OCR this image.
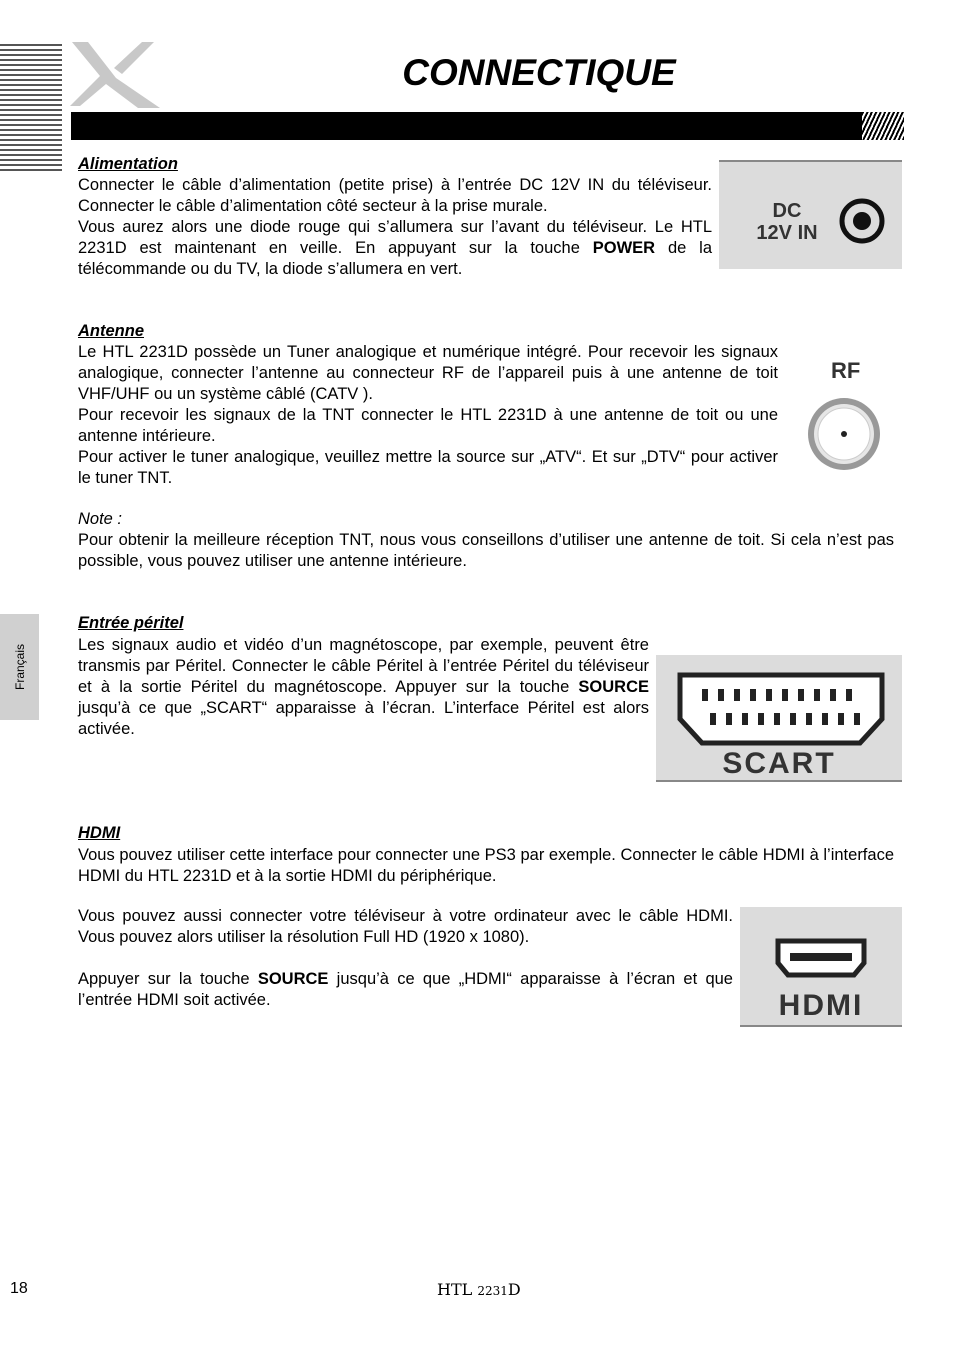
CONNECTIQUE
Français
Alimentation
Connecter le câble d’alimentation (petite prise) à l’entrée DC 12V IN du téléviseur. Connecter le câble d’alimentation côté secteur à la prise murale.
Vous aurez alors une diode rouge qui s’allumera sur l’avant du téléviseur. Le HTL 2231D est maintenant en veille. En appuyant sur la touche POWER de la télécommande ou du TV, la diode s’allumera en vert.
DC
12V IN
Antenne
Le HTL 2231D possède un Tuner analogique et numérique intégré. Pour recevoir les signaux analogique, connecter l’antenne au connecteur RF de l’appareil puis à une antenne de toit VHF/UHF ou un système câblé (CATV ).
Pour recevoir les signaux de la TNT connecter le HTL 2231D à une antenne de toit ou une antenne intérieure.
Pour activer le tuner analogique, veuillez mettre la source sur „ATV“. Et sur „DTV“ pour activer le tuner TNT.
RF
Note :
Pour obtenir la meilleure réception TNT, nous vous conseillons d’utiliser une antenne de toit. Si cela n’est pas possible, vous pouvez utiliser une antenne intérieure.
Entrée péritel
Les signaux audio et vidéo d’un magnétoscope, par exemple, peuvent être transmis par Péritel. Connecter le câble Péritel à l’entrée Péritel du téléviseur et à la sortie Péritel du magnétoscope. Appuyer sur la touche SOURCE jusqu’à ce que „SCART“ apparaisse à l’écran. L’interface Péritel est alors activée.
SCART
HDMI
Vous pouvez utiliser cette interface pour connecter une PS3 par exemple. Connecter le câble HDMI à l’interface HDMI du HTL 2231D et à la sortie HDMI du périphérique.
Vous pouvez aussi connecter votre téléviseur à votre ordinateur avec le câble HDMI. Vous pouvez alors utiliser la résolution Full HD (1920 x 1080).
Appuyer sur la touche SOURCE jusqu’à ce que „HDMI“ apparaisse à l’écran et que l’entrée HDMI soit activée.	HDMI
18	HTL 2231D
